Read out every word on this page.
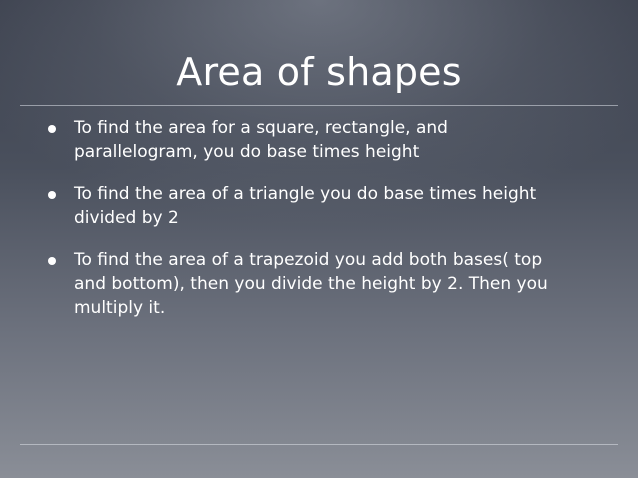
Area of shapes
To find the area for a square, rectangle, and parallelogram, you do base times height
To find the area of a triangle you do base times height divided by 2
To find the area of a trapezoid you add both bases( top and bottom), then you divide the height by 2. Then you multiply it.
